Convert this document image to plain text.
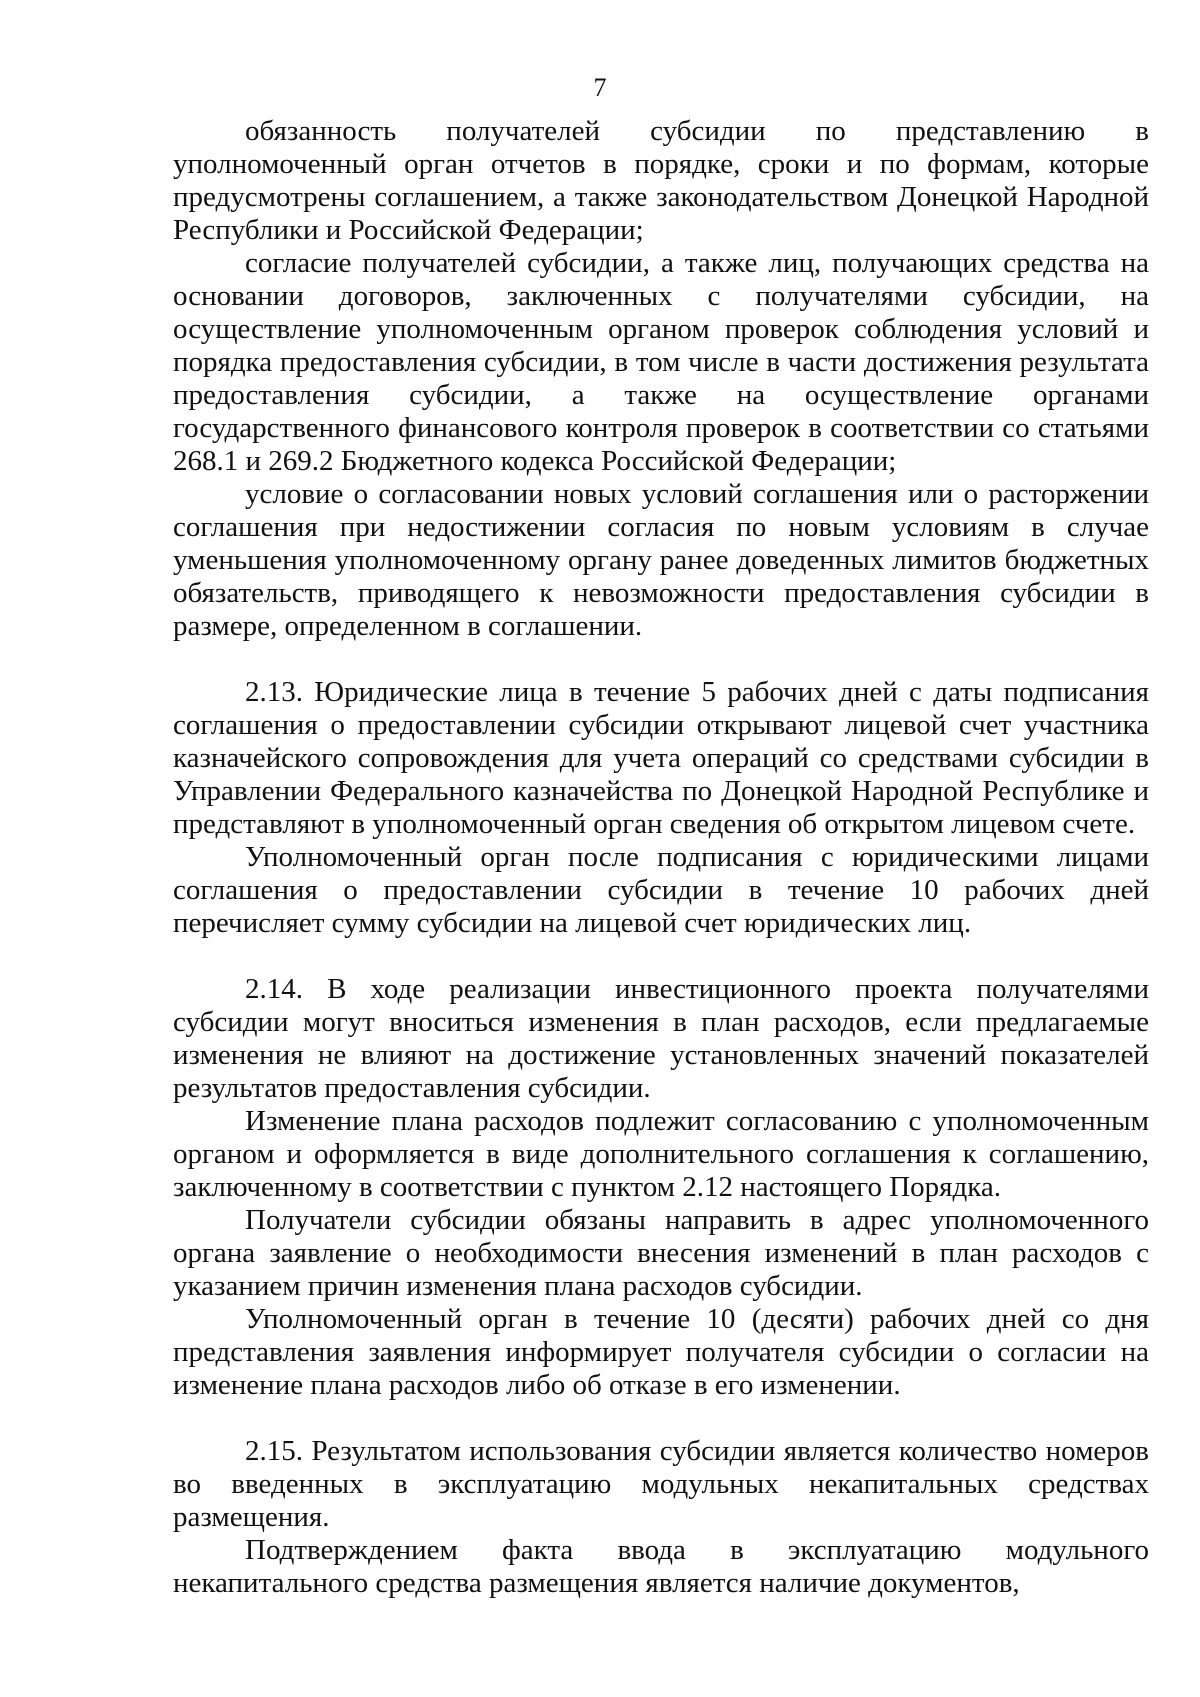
7

обязанность получателей субсидии по представлению в уполномоченный орган отчетов в порядке, сроки и по формам, которые предусмотрены соглашением, а также законодательством Донецкой Народной Республики и Российской Федерации;

согласие получателей субсидии, а также лиц, получающих средства на основании договоров, заключенных с получателями субсидии, на осуществление уполномоченным органом проверок соблюдения условий и порядка предоставления субсидии, в том числе в части достижения результата предоставления субсидии, а также на осуществление органами государственного финансового контроля проверок в соответствии со статьями 268.1 и 269.2 Бюджетного кодекса Российской Федерации;

условие о согласовании новых условий соглашения или о расторжении соглашения при недостижении согласия по новым условиям в случае уменьшения уполномоченному органу ранее доведенных лимитов бюджетных обязательств, приводящего к невозможности предоставления субсидии в размере, определенном в соглашении.

2.13. Юридические лица в течение 5 рабочих дней с даты подписания соглашения о предоставлении субсидии открывают лицевой счет участника казначейского сопровождения для учета операций со средствами субсидии в Управлении Федерального казначейства по Донецкой Народной Республике и представляют в уполномоченный орган сведения об открытом лицевом счете.

Уполномоченный орган после подписания с юридическими лицами соглашения о предоставлении субсидии в течение 10 рабочих дней перечисляет сумму субсидии на лицевой счет юридических лиц.

2.14. В ходе реализации инвестиционного проекта получателями субсидии могут вноситься изменения в план расходов, если предлагаемые изменения не влияют на достижение установленных значений показателей результатов предоставления субсидии.

Изменение плана расходов подлежит согласованию с уполномоченным органом и оформляется в виде дополнительного соглашения к соглашению, заключенному в соответствии с пунктом 2.12 настоящего Порядка.

Получатели субсидии обязаны направить в адрес уполномоченного органа заявление о необходимости внесения изменений в план расходов с указанием причин изменения плана расходов субсидии.

Уполномоченный орган в течение 10 (десяти) рабочих дней со дня представления заявления информирует получателя субсидии о согласии на изменение плана расходов либо об отказе в его изменении.

2.15. Результатом использования субсидии является количество номеров во введенных в эксплуатацию модульных некапитальных средствах размещения.

Подтверждением факта ввода в эксплуатацию модульного некапитального средства размещения является наличие документов,
